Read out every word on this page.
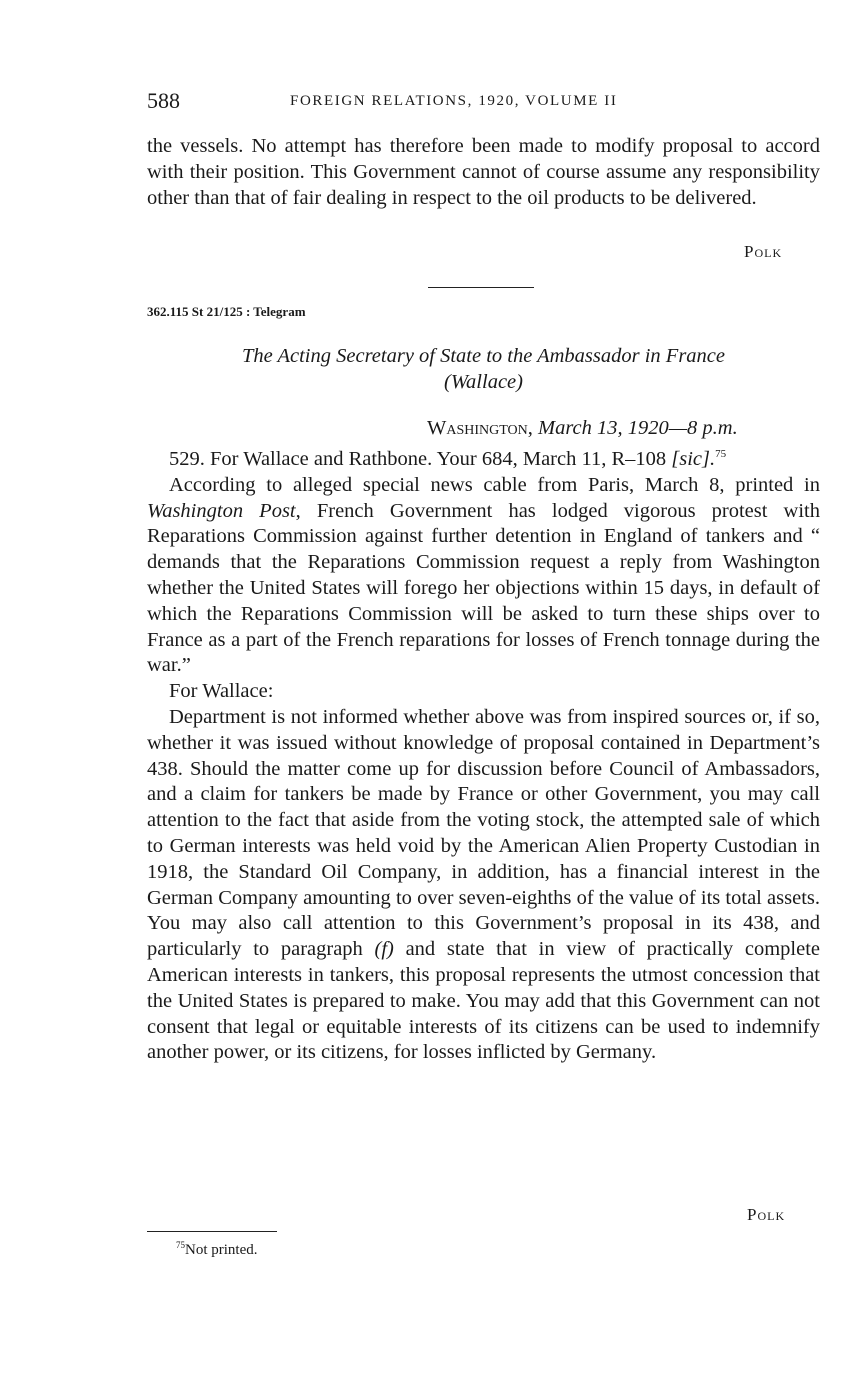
588	FOREIGN RELATIONS, 1920, VOLUME II

the vessels. No attempt has therefore been made to modify proposal to accord with their position. This Government cannot of course assume any responsibility other than that of fair dealing in respect to the oil products to be delivered.

Polk
362.115 St 21/125 : Telegram
The Acting Secretary of State to the Ambassador in France
(Wallace)
Washington, March 13, 1920—8 p.m.

529. For Wallace and Rathbone. Your 684, March 11, R–108 [sic].$^{75}$

According to alleged special news cable from Paris, March 8, printed in Washington Post, French Government has lodged vigorous protest with Reparations Commission against further detention in England of tankers and “ demands that the Reparations Commission request a reply from Washington whether the United States will forego her objections within 15 days, in default of which the Reparations Commission will be asked to turn these ships over to France as a part of the French reparations for losses of French tonnage during the war.”

For Wallace:

Department is not informed whether above was from inspired sources or, if so, whether it was issued without knowledge of proposal contained in Department’s 438. Should the matter come up for discussion before Council of Ambassadors, and a claim for tankers be made by France or other Government, you may call attention to the fact that aside from the voting stock, the attempted sale of which to German interests was held void by the American Alien Property Custodian in 1918, the Standard Oil Company, in addition, has a financial interest in the German Company amounting to over seven-eighths of the value of its total assets. You may also call attention to this Government’s proposal in its 438, and particularly to paragraph (f) and state that in view of practically complete American interests in tankers, this proposal represents the utmost concession that the United States is prepared to make. You may add that this Government can not consent that legal or equitable interests of its citizens can be used to indemnify another power, or its citizens, for losses inflicted by Germany.

Polk
$^{75}$Not printed.
